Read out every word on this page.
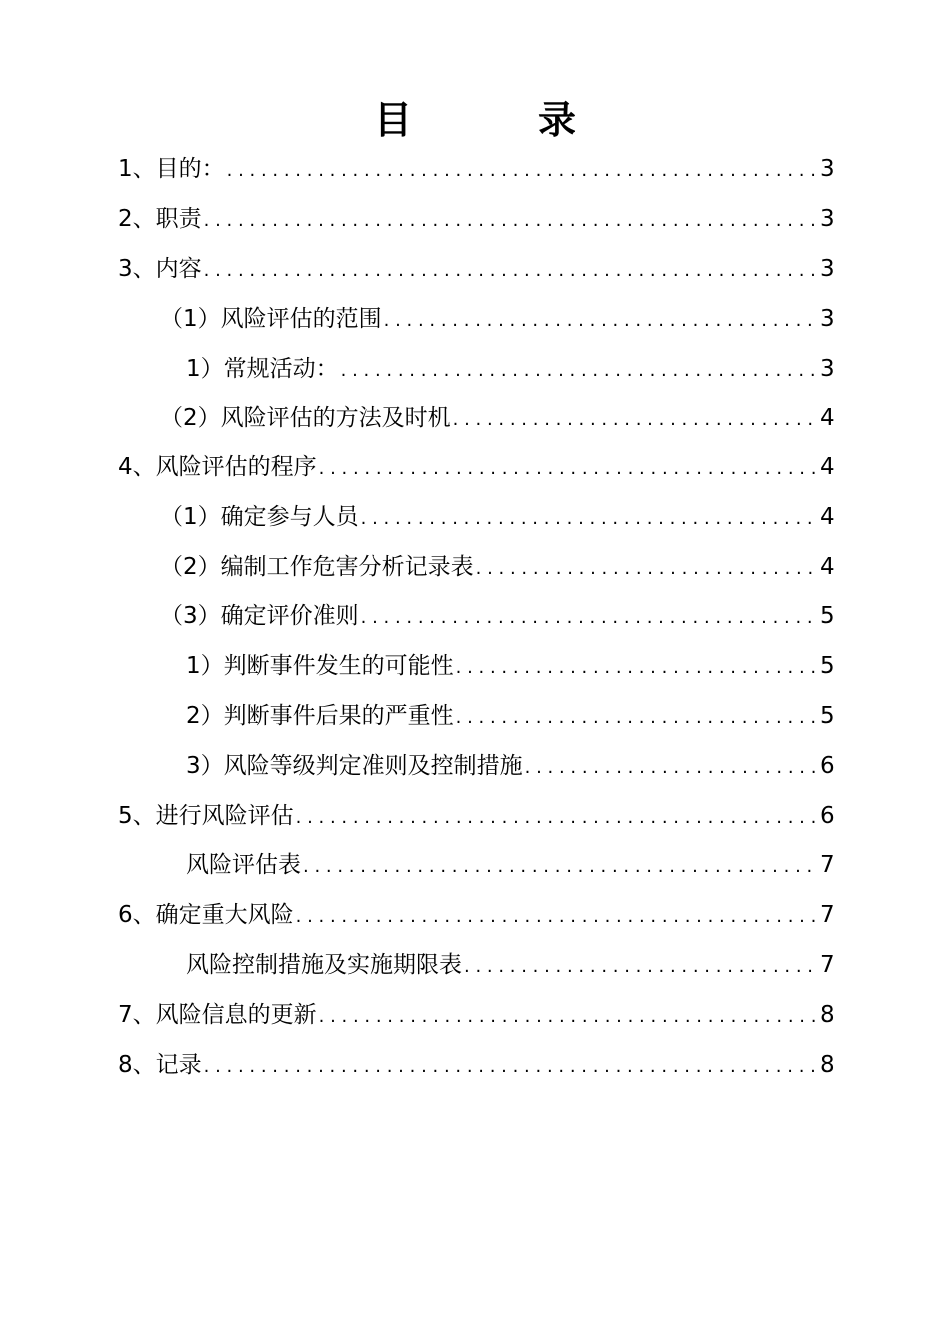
目　录
1、目的： . . .	3
2、职责 . . .	3
3、内容 . . .	3
（1）风险评估的范围 . . .	3
1）常规活动： . . .	3
（2）风险评估的方法及时机 . . .	4
4、风险评估的程序 . . .	4
（1）确定参与人员 . . .	4
（2）编制工作危害分析记录表 . . .	4
（3）确定评价准则 . . .	5
1）判断事件发生的可能性 . . .	5
2）判断事件后果的严重性 . . .	5
3）风险等级判定准则及控制措施 . . .	6
5、进行风险评估 . . .	6
风险评估表 . . .	7
6、确定重大风险 . . .	7
风险控制措施及实施期限表 . . .	7
7、风险信息的更新 . . .	8
8、记录 . . .	8
